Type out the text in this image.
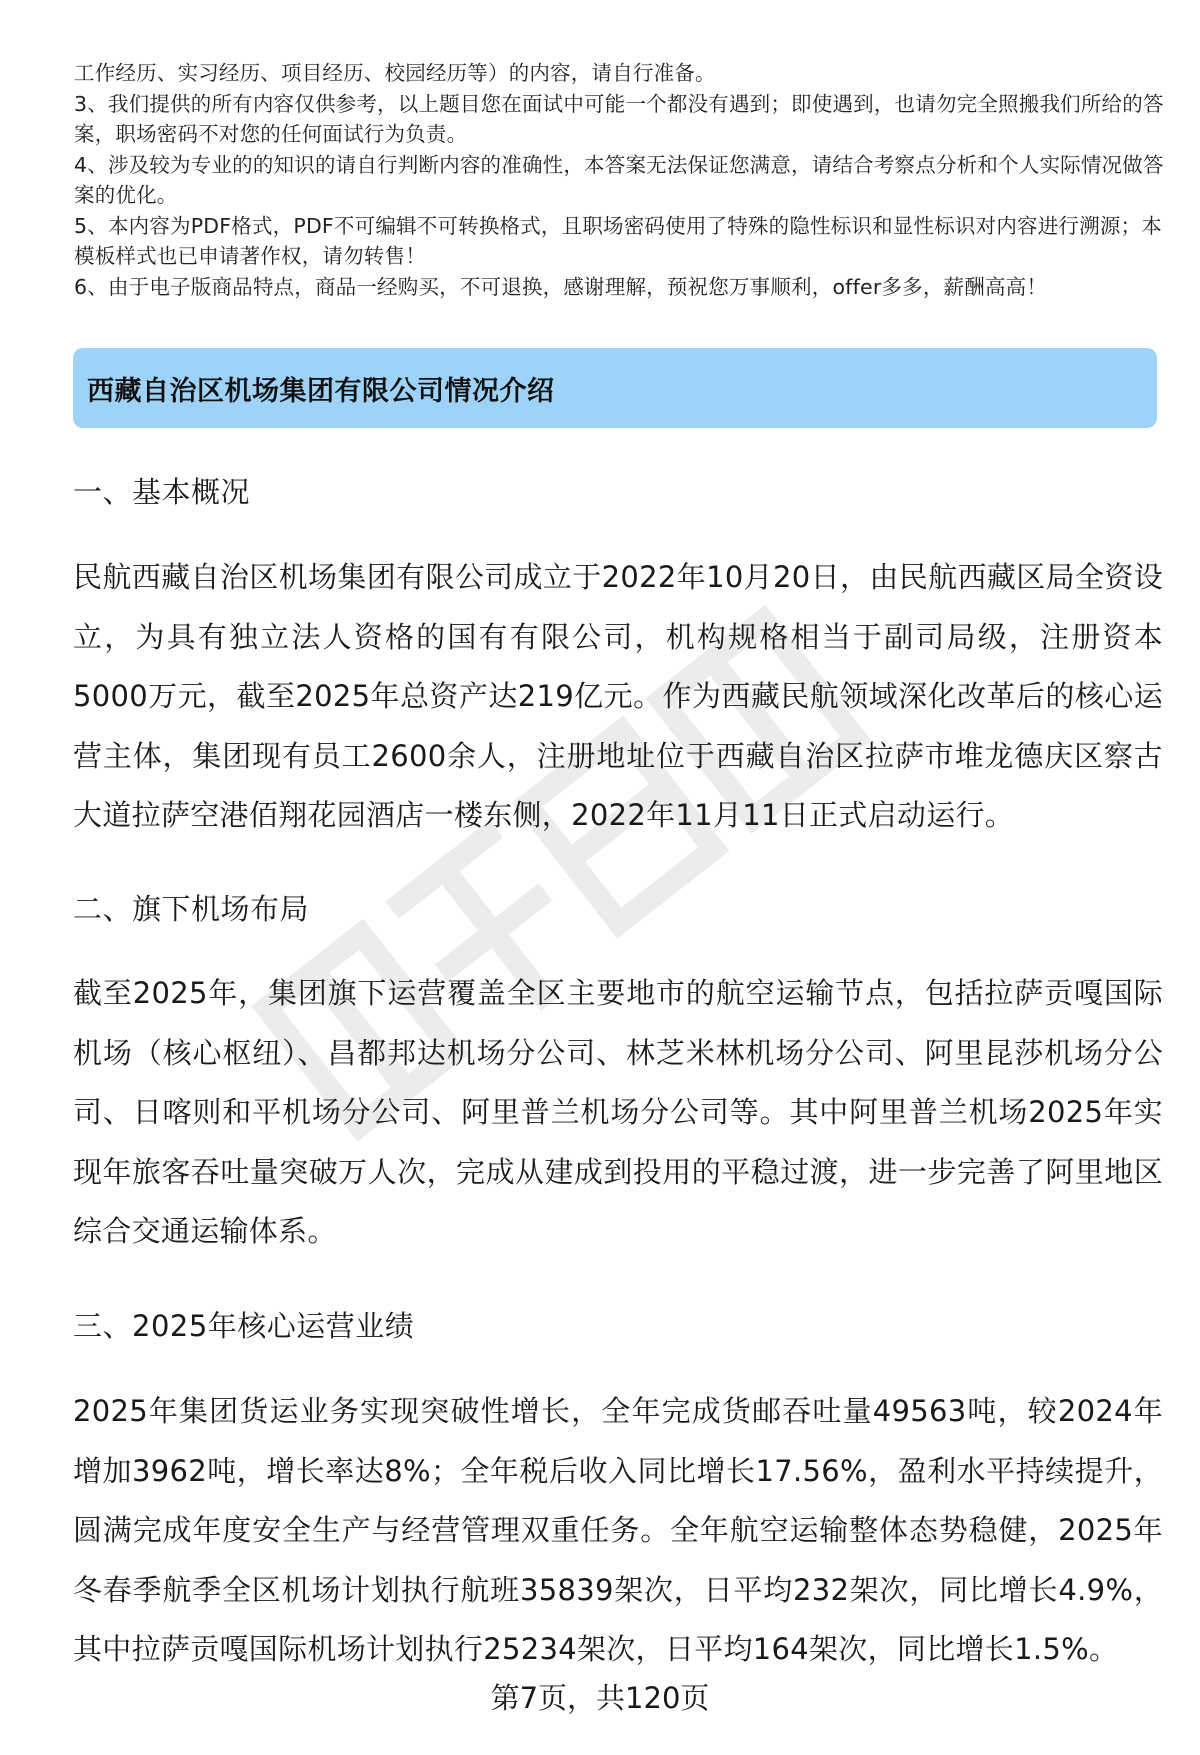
工作经历、实习经历、项目经历、校园经历等）的内容，请自行准备。

3、我们提供的所有内容仅供参考，以上题目您在面试中可能一个都没有遇到；即使遇到，也请勿完全照搬我们所给的答案，职场密码不对您的任何面试行为负责。

4、涉及较为专业的的知识的请自行判断内容的准确性，本答案无法保证您满意，请结合考察点分析和个人实际情况做答案的优化。

5、本内容为PDF格式，PDF不可编辑不可转换格式，且职场密码使用了特殊的隐性标识和显性标识对内容进行溯源；本模板样式也已申请著作权，请勿转售！

6、由于电子版商品特点，商品一经购买，不可退换，感谢理解，预祝您万事顺利，offer多多，薪酬高高！

西藏自治区机场集团有限公司情况介绍
一、基本概况

民航西藏自治区机场集团有限公司成立于2022年10月20日，由民航西藏区局全资设立，为具有独立法人资格的国有有限公司，机构规格相当于副司局级，注册资本5000万元，截至2025年总资产达219亿元。作为西藏民航领域深化改革后的核心运营主体，集团现有员工2600余人，注册地址位于西藏自治区拉萨市堆龙德庆区察古大道拉萨空港佰翔花园酒店一楼东侧，2022年11月11日正式启动运行。

二、旗下机场布局

截至2025年，集团旗下运营覆盖全区主要地市的航空运输节点，包括拉萨贡嘎国际机场（核心枢纽）、昌都邦达机场分公司、林芝米林机场分公司、阿里昆莎机场分公司、日喀则和平机场分公司、阿里普兰机场分公司等。其中阿里普兰机场2025年实现年旅客吞吐量突破万人次，完成从建成到投用的平稳过渡，进一步完善了阿里地区综合交通运输体系。

三、2025年核心运营业绩

2025年集团货运业务实现突破性增长，全年完成货邮吞吐量49563吨，较2024年增加3962吨，增长率达8%；全年税后收入同比增长17.56%，盈利水平持续提升，圆满完成年度安全生产与经营管理双重任务。全年航空运输整体态势稳健，2025年冬春季航季全区机场计划执行航班35839架次，日平均232架次，同比增长4.9%，其中拉萨贡嘎国际机场计划执行25234架次，日平均164架次，同比增长1.5%。

第7页，共120页
